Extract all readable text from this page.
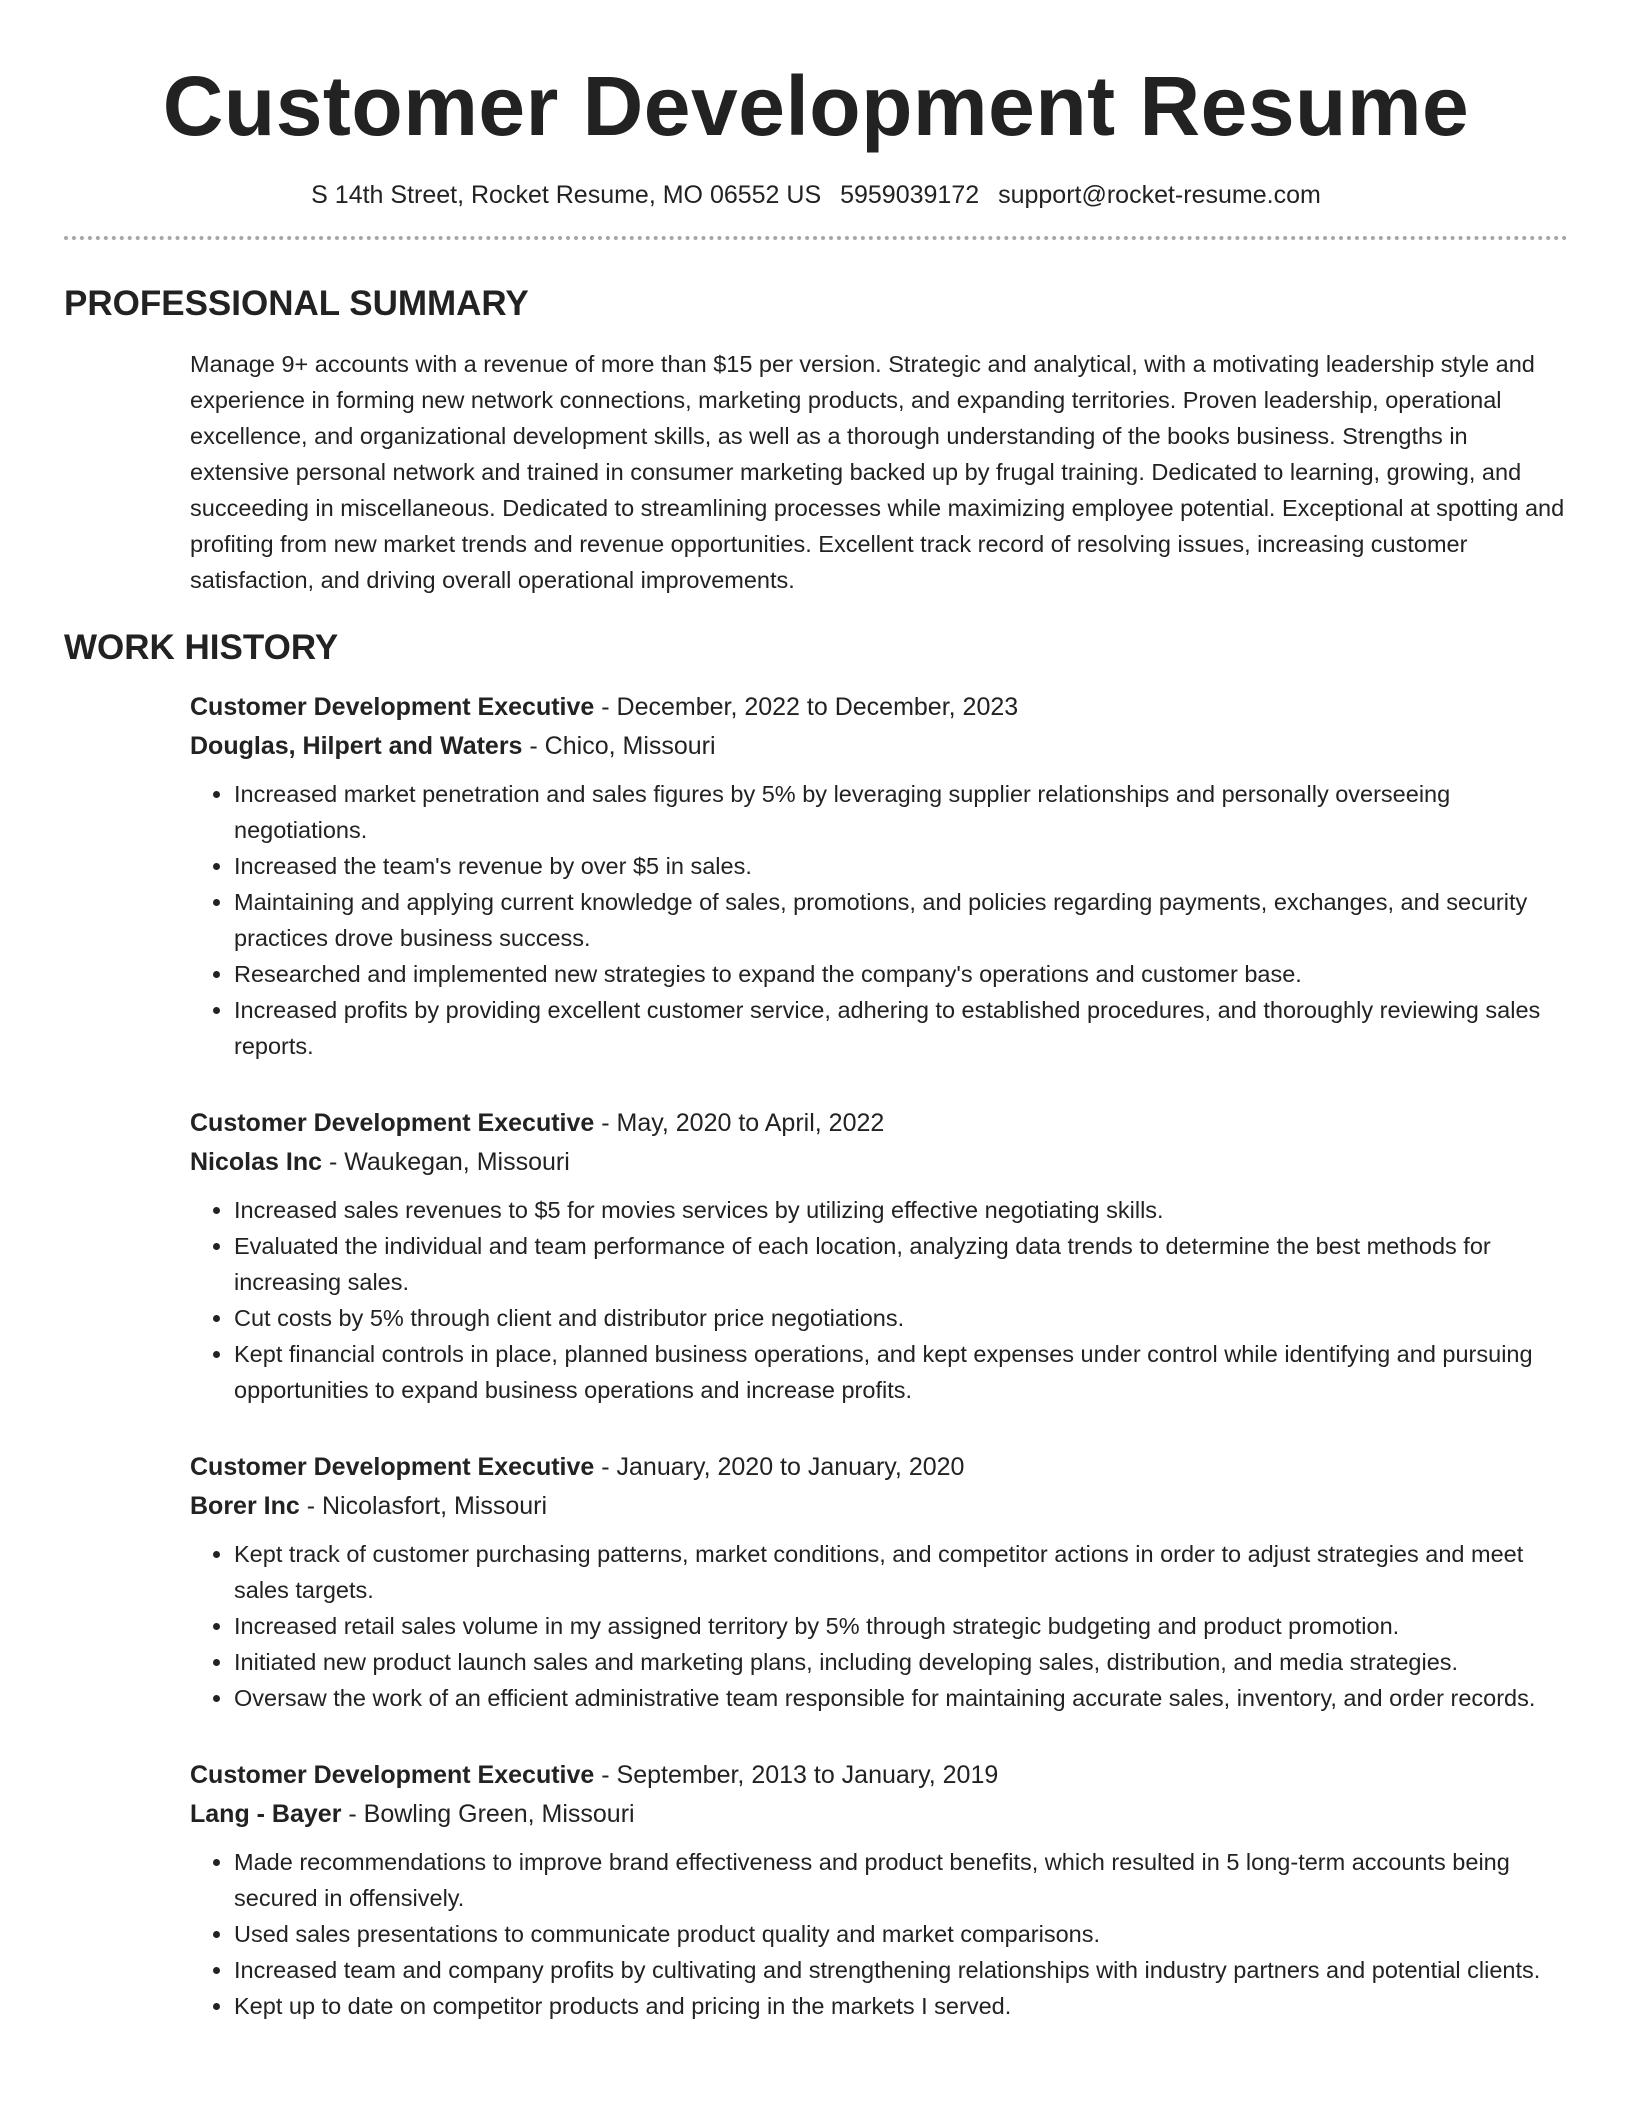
Customer Development Resume
S 14th Street, Rocket Resume, MO 06552 US 5959039172 support@rocket-resume.com
PROFESSIONAL SUMMARY

Manage 9+ accounts with a revenue of more than $15 per version. Strategic and analytical, with a motivating leadership style and experience in forming new network connections, marketing products, and expanding territories. Proven leadership, operational excellence, and organizational development skills, as well as a thorough understanding of the books business. Strengths in extensive personal network and trained in consumer marketing backed up by frugal training. Dedicated to learning, growing, and succeeding in miscellaneous. Dedicated to streamlining processes while maximizing employee potential. Exceptional at spotting and profiting from new market trends and revenue opportunities. Excellent track record of resolving issues, increasing customer satisfaction, and driving overall operational improvements.

WORK HISTORY
Customer Development Executive - December, 2022 to December, 2023
Douglas, Hilpert and Waters - Chico, Missouri
• Increased market penetration and sales figures by 5% by leveraging supplier relationships and personally overseeing negotiations.
• Increased the team's revenue by over $5 in sales.
• Maintaining and applying current knowledge of sales, promotions, and policies regarding payments, exchanges, and security practices drove business success.
• Researched and implemented new strategies to expand the company's operations and customer base.
• Increased profits by providing excellent customer service, adhering to established procedures, and thoroughly reviewing sales reports.
Customer Development Executive - May, 2020 to April, 2022
Nicolas Inc - Waukegan, Missouri
• Increased sales revenues to $5 for movies services by utilizing effective negotiating skills.
• Evaluated the individual and team performance of each location, analyzing data trends to determine the best methods for increasing sales.
• Cut costs by 5% through client and distributor price negotiations.
• Kept financial controls in place, planned business operations, and kept expenses under control while identifying and pursuing opportunities to expand business operations and increase profits.
Customer Development Executive - January, 2020 to January, 2020
Borer Inc - Nicolasfort, Missouri
• Kept track of customer purchasing patterns, market conditions, and competitor actions in order to adjust strategies and meet sales targets.
• Increased retail sales volume in my assigned territory by 5% through strategic budgeting and product promotion.
• Initiated new product launch sales and marketing plans, including developing sales, distribution, and media strategies.
• Oversaw the work of an efficient administrative team responsible for maintaining accurate sales, inventory, and order records.
Customer Development Executive - September, 2013 to January, 2019
Lang - Bayer - Bowling Green, Missouri
• Made recommendations to improve brand effectiveness and product benefits, which resulted in 5 long-term accounts being secured in offensively.
• Used sales presentations to communicate product quality and market comparisons.
• Increased team and company profits by cultivating and strengthening relationships with industry partners and potential clients.
• Kept up to date on competitor products and pricing in the markets I served.
